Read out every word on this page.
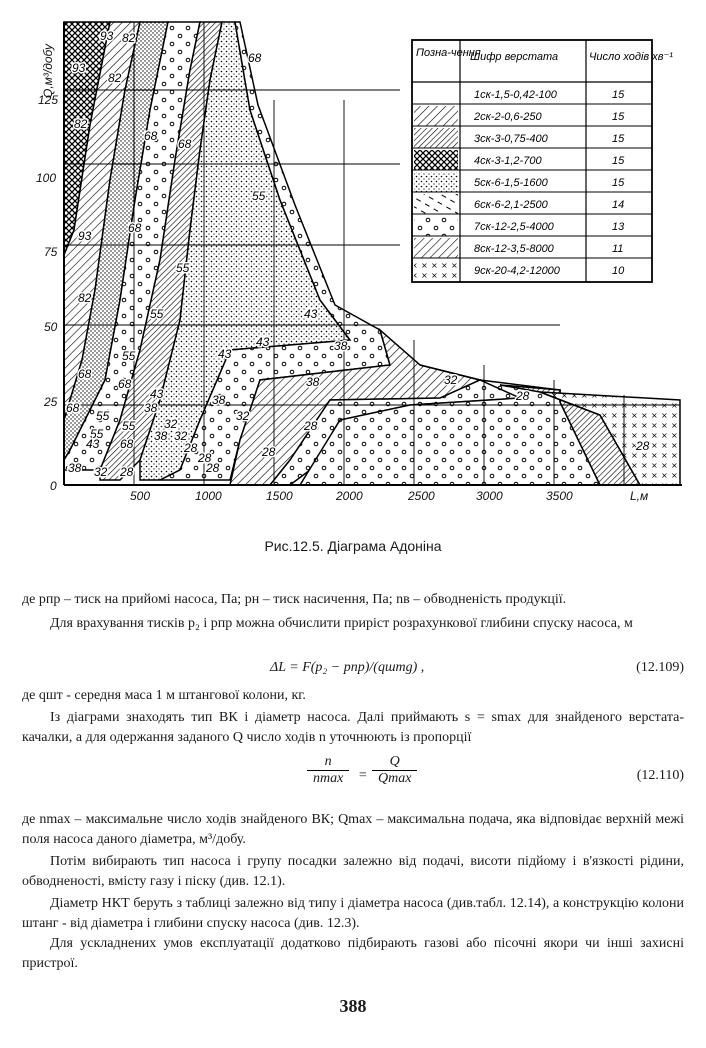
125
100
75
50
25
0
Q,м³/добу
500	1000	1500	2000	2500	3000	3500	L,м
93 82
93
82
68
82
68
55
68
55
93
68
82
55
68
55	43
55
68
43
43
38
32
28
28
38
32
28
38 32 28
28
28
38
43
55
68
55
43
38 32
28
38
32
28
68
Позна-чення
Шифр верстата	Число ходів хв⁻¹
1ск-1,5-0,42-100	15
2ск-2-0,6-250	15
3ск-3-0,75-400	15
4ск-3-1,2-700	15
5ск-6-1,5-1600	15
6ск-6-2,1-2500	14
7ск-12-2,5-4000	13
8ск-12-3,5-8000	11
9ск-20-4,2-12000	10
Рис.12.5. Діаграма Адоніна

де pпр – тиск на прийомі насоса, Па; pн – тиск насичення, Па; nв – обводненість продукції.

Для врахування тисків p₂ і pпр можна обчислити приріст розрахункової глибини спуску насоса, м

ΔL = F(p₂ − pпр)/(qштg) ,	(12.109)

де qшт - середня маса 1 м штангової колони, кг.

Із діаграми знаходять тип ВК і діаметр насоса. Далі приймають s = smax для знайденого верстата-качалки, а для одержання заданого Q число ходів n уточнюють із пропорції

n
nmax	=
Q
Qmax	(12.110)

де nmax – максимальне число ходів знайденого ВК; Qmax – максимальна подача, яка відповідає верхній межі поля насоса даного діаметра, м³/добу.

Потім вибирають тип насоса і групу посадки залежно від подачі, висоти підйому і в'язкості рідини, обводненості, вмісту газу і піску (див. 12.1).

Діаметр НКТ беруть з таблиці залежно від типу і діаметра насоса (див.табл. 12.14), а конструкцію колони штанг - від діаметра і глибини спуску насоса (див. 12.3).

Для ускладнених умов експлуатації додатково підбирають газові або пісочні якори чи інші захисні пристрої.

388
